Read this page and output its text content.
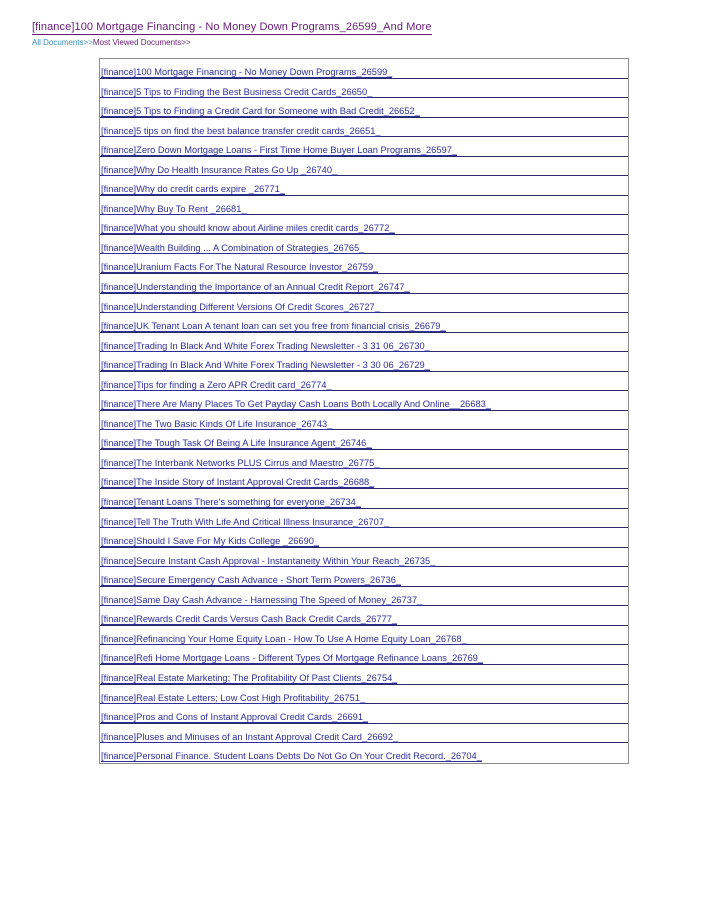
[finance]100 Mortgage Financing - No Money Down Programs_26599_And More
All Documents>>Most Viewed Documents>>
[finance]100 Mortgage Financing - No Money Down Programs_26599_
[finance]5 Tips to Finding the Best Business Credit Cards_26650_
[finance]5 Tips to Finding a Credit Card for Someone with Bad Credit_26652_
[finance]5 tips on find the best balance transfer credit cards_26651_
[finance]Zero Down Mortgage Loans - First Time Home Buyer Loan Programs_26597_
[finance]Why Do Health Insurance Rates Go Up _26740_
[finance]Why do credit cards expire _26771_
[finance]Why Buy To Rent _26681_
[finance]What you should know about Airline miles credit cards_26772_
[finance]Wealth Building ... A Combination of Strategies_26765_
[finance]Uranium Facts For The Natural Resource Investor_26759_
[finance]Understanding the Importance of an Annual Credit Report_26747_
[finance]Understanding Different Versions Of Credit Scores_26727_
[finance]UK Tenant Loan A tenant loan can set you free from financial crisis_26679_
[finance]Trading In Black And White Forex Trading Newsletter - 3 31 06_26730_
[finance]Trading In Black And White Forex Trading Newsletter - 3 30 06_26729_
[finance]Tips for finding a Zero APR Credit card_26774_
[finance]There Are Many Places To Get Payday Cash Loans Both Locally And Online__26683_
[finance]The Two Basic Kinds Of Life Insurance_26743_
[finance]The Tough Task Of Being A Life Insurance Agent_26746_
[finance]The Interbank Networks PLUS Cirrus and Maestro_26775_
[finance]The Inside Story of Instant Approval Credit Cards_26688_
[finance]Tenant Loans There's something for everyone_26734_
[finance]Tell The Truth With Life And Critical Illness Insurance_26707_
[finance]Should I Save For My Kids College _26690_
[finance]Secure Instant Cash Approval - Instantaneity Within Your Reach_26735_
[finance]Secure Emergency Cash Advance - Short Term Powers_26736_
[finance]Same Day Cash Advance - Harnessing The Speed of Money_26737_
[finance]Rewards Credit Cards Versus Cash Back Credit Cards_26777_
[finance]Refinancing Your Home Equity Loan - How To Use A Home Equity Loan_26768_
[finance]Refi Home Mortgage Loans - Different Types Of Mortgage Refinance Loans_26769_
[finance]Real Estate Marketing; The Profitability Of Past Clients_26754_
[finance]Real Estate Letters; Low Cost High Profitability_26751_
[finance]Pros and Cons of Instant Approval Credit Cards_26691_
[finance]Pluses and Minuses of an Instant Approval Credit Card_26692_
[finance]Personal Finance. Student Loans Debts Do Not Go On Your Credit Record._26704_
